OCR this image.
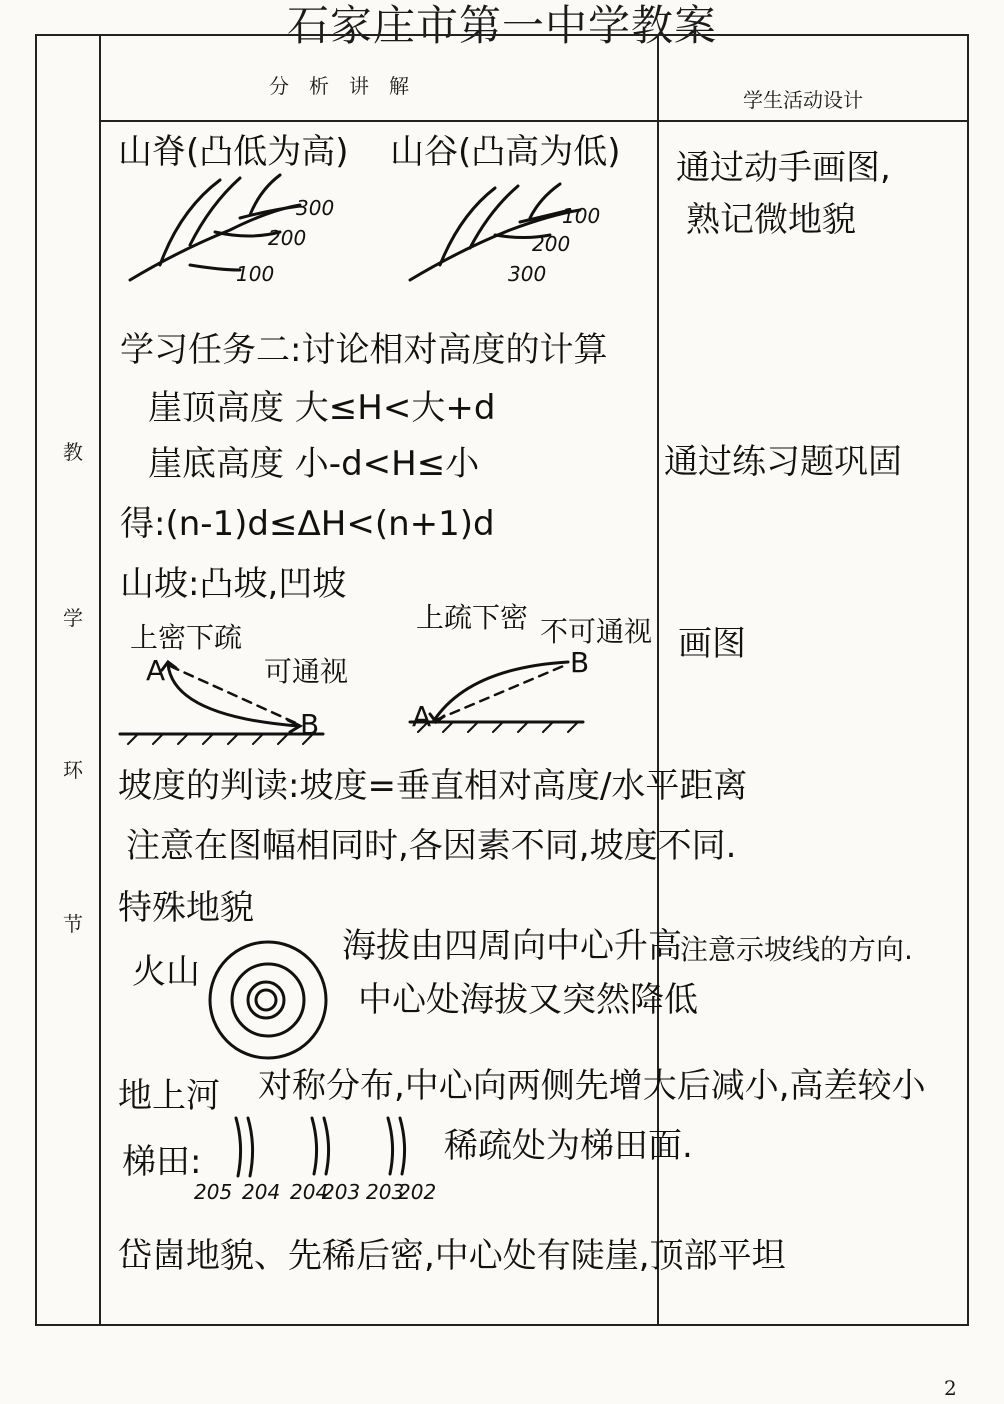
石家庄市第一中学教案
分　析　讲　解
学生活动设计
教
学
环
节
山脊(凸低为高) 山谷(凸高为低)
300
200
100
100
200
300
学习任务二:讨论相对高度的计算
崖顶高度 大≤H<大+d
崖底高度 小-d<H≤小
得:(n-1)d≤ΔH<(n+1)d
山坡:凸坡,凹坡
上密下疏
可通视
上疏下密 不可通视
A
B	A
B
坡度的判读:坡度=垂直相对高度/水平距离
注意在图幅相同时,各因素不同,坡度不同.
特殊地貌
火山
海拔由四周向中心升高
中心处海拔又突然降低
地上河 对称分布,中心向两侧先增大后减小,高差较小
梯田:	稀疏处为梯田面.
205 204 204
203 203
202
岱崮地貌、先稀后密,中心处有陡崖,顶部平坦
通过动手画图,
熟记微地貌
通过练习题巩固
画图
注意示坡线的方向.
2
